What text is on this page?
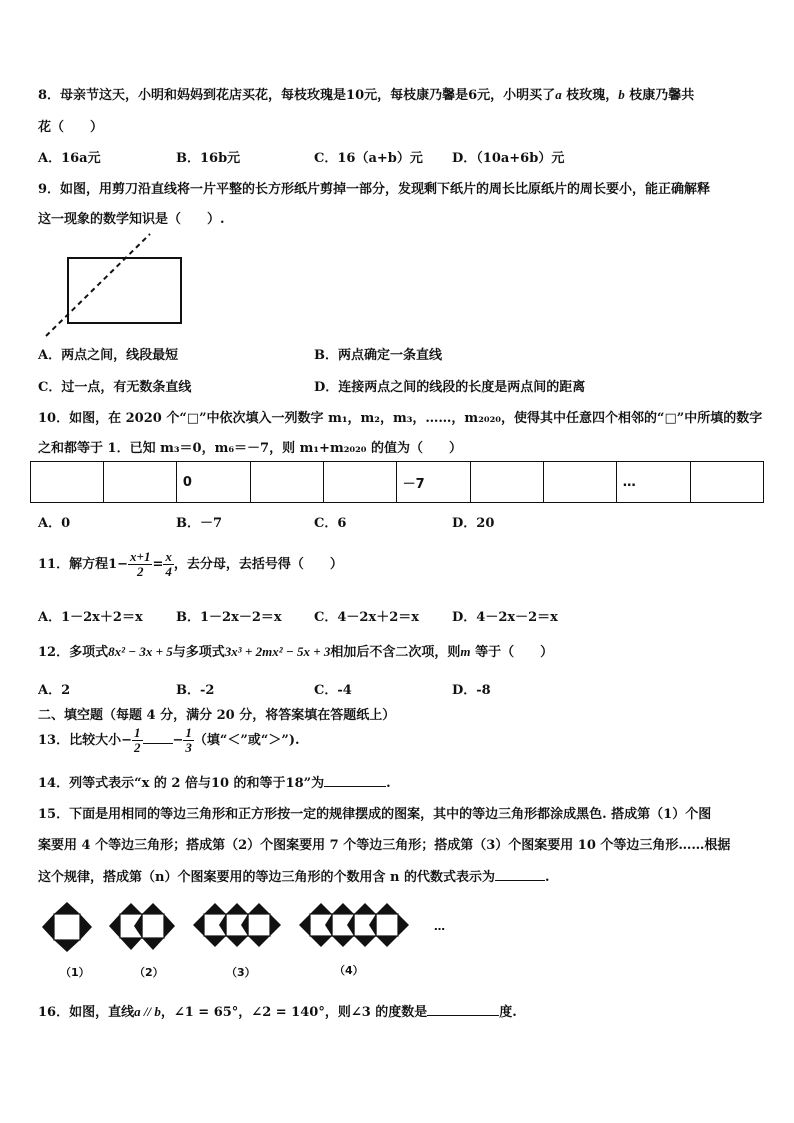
8．母亲节这天，小明和妈妈到花店买花，每枝玫瑰是10元，每枝康乃馨是6元，小明买了a 枝玫瑰，b 枝康乃馨共
花（　　）
A．16a元	B．16b元	C．16（a+b）元 D．（10a+6b）元
9．如图，用剪刀沿直线将一片平整的长方形纸片剪掉一部分，发现剩下纸片的周长比原纸片的周长要小，能正确解释
这一现象的数学知识是（　　）.
A．两点之间，线段最短	B．两点确定一条直线
C．过一点，有无数条直线	D．连接两点之间的线段的长度是两点间的距离
10．如图，在 2020 个“□”中依次填入一列数字 m₁，m₂，m₃，……，m₂₀₂₀，使得其中任意四个相邻的“□”中所填的数字
之和都等于 1．已知 m₃＝0，m₆＝－7，则 m₁+m₂₀₂₀ 的值为（　　）
		0			－7			…	
A．0	B．－7	C．6	D．20
11．解方程$1- \frac{x+1}{2} = \frac{x}{4}$ ，去分母，去括号得（　　）
A．1－2x＋2＝x	B．1－2x－2＝x C．4－2x＋2＝x	D．4－2x－2＝x
12．多项式8x² − 3x + 5与多项式3x³ + 2mx² − 5x + 3相加后不含二次项，则m 等于（　　）
A．2	B．-2	C．-4	D．-8
二、填空题（每题 4 分，满分 20 分，将答案填在答题纸上）
13．比较大小− $\frac{1}{2} - \frac{1}{3}$ （填“＜”或“＞”).
14．列等式表示“x 的 2 倍与10 的和等于18”为	.
15．下面是用相同的等边三角形和正方形按一定的规律摆成的图案，其中的等边三角形都涂成黑色. 搭成第（1）个图
案要用 4 个等边三角形；搭成第（2）个图案要用 7 个等边三角形；搭成第（3）个图案要用 10 个等边三角形……根据
这个规律，搭成第（n）个图案要用的等边三角形的个数用含 n 的代数式表示为	.
…
（1）	（2）	（3）	（4）
16．如图，直线a // b，∠1 = 65°，∠2 = 140°，则∠3 的度数是	度.
